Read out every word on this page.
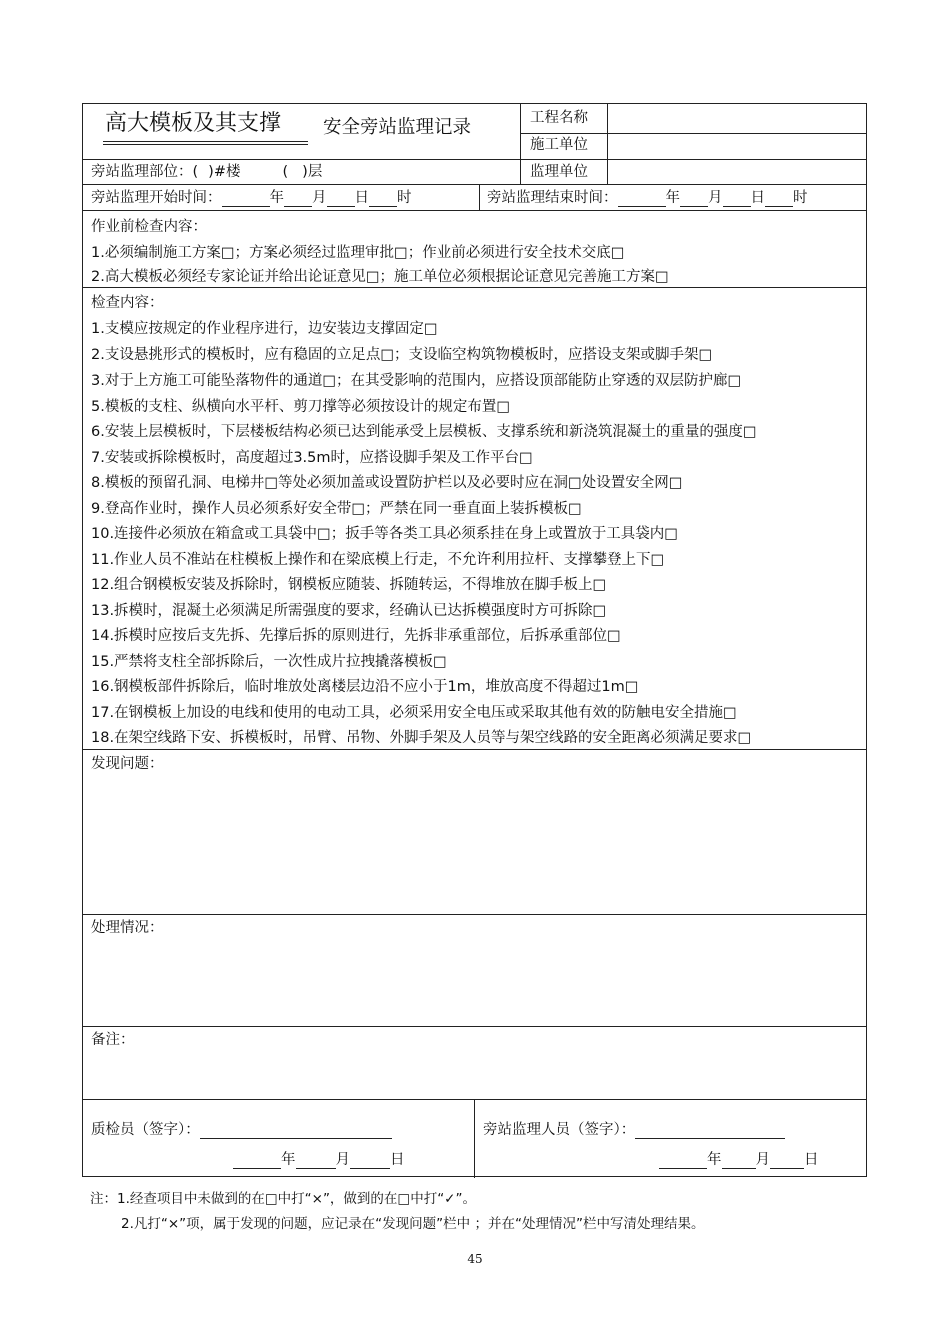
高大模板及其支撑 安全旁站监理记录	工程名称
施工单位
监理单位
旁站监理部位：( )#楼	( )层
旁站监理开始时间：	年 月 日 时	旁站监理结束时间：	年 月 日 时
作业前检查内容：
1.必须编制施工方案□；方案必须经过监理审批□；作业前必须进行安全技术交底□
2.高大模板必须经专家论证并给出论证意见□；施工单位必须根据论证意见完善施工方案□
检查内容：
1.支模应按规定的作业程序进行，边安装边支撑固定□
2.支设悬挑形式的模板时，应有稳固的立足点□；支设临空构筑物模板时，应搭设支架或脚手架□
3.对于上方施工可能坠落物件的通道□；在其受影响的范围内，应搭设顶部能防止穿透的双层防护廊□
5.模板的支柱、纵横向水平杆、剪刀撑等必须按设计的规定布置□
6.安装上层模板时，下层楼板结构必须已达到能承受上层模板、支撑系统和新浇筑混凝土的重量的强度□
7.安装或拆除模板时，高度超过3.5m时，应搭设脚手架及工作平台□
8.模板的预留孔洞、电梯井□等处必须加盖或设置防护栏以及必要时应在洞□处设置安全网□
9.登高作业时，操作人员必须系好安全带□；严禁在同一垂直面上装拆模板□
10.连接件必须放在箱盒或工具袋中□；扳手等各类工具必须系挂在身上或置放于工具袋内□
11.作业人员不准站在柱模板上操作和在梁底模上行走，不允许利用拉杆、支撑攀登上下□
12.组合钢模板安装及拆除时，钢模板应随装、拆随转运，不得堆放在脚手板上□
13.拆模时，混凝土必须满足所需强度的要求，经确认已达拆模强度时方可拆除□
14.拆模时应按后支先拆、先撑后拆的原则进行，先拆非承重部位，后拆承重部位□
15.严禁将支柱全部拆除后，一次性成片拉拽撬落模板□
16.钢模板部件拆除后，临时堆放处离楼层边沿不应小于1m，堆放高度不得超过1m□
17.在钢模板上加设的电线和使用的电动工具，必须采用安全电压或采取其他有效的防触电安全措施□
18.在架空线路下安、拆模板时，吊臂、吊物、外脚手架及人员等与架空线路的安全距离必须满足要求□
发现问题：
处理情况：
备注：
质检员（签字）：
年	月	日
旁站监理人员（签字）：
年 月 日
注：1.经查项目中未做到的在□中打“×”，做到的在□中打“✓”。
2.凡打“×”项，属于发现的问题，应记录在“发现问题”栏中 ；并在“处理情况”栏中写清处理结果。
45
